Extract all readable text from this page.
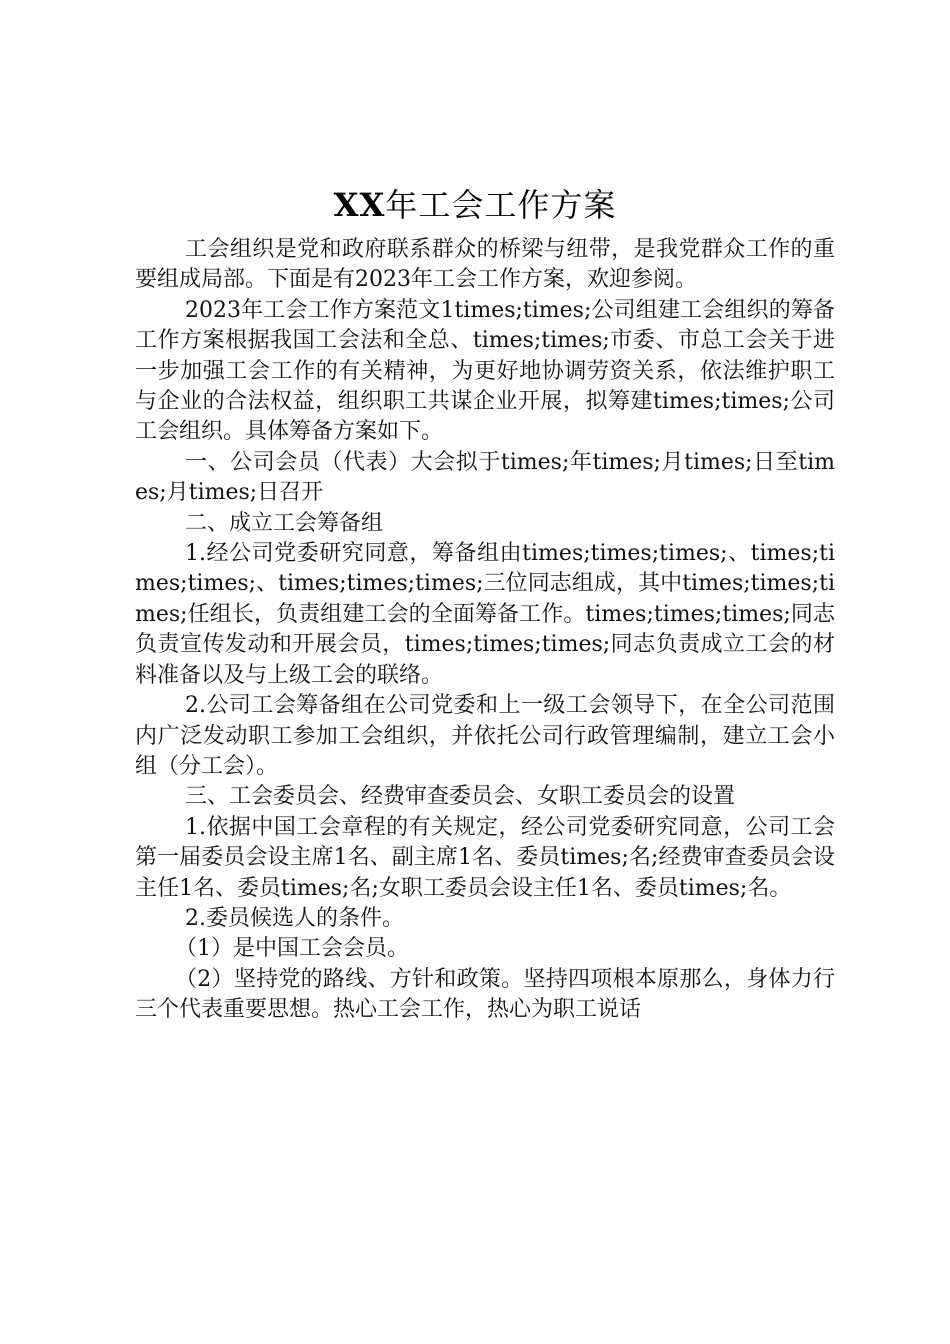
XX年工会工作方案

工会组织是党和政府联系群众的桥梁与纽带，是我党群众工作的重要组成局部。下面是有2023年工会工作方案，欢迎参阅。

2023年工会工作方案范文1times;times;公司组建工会组织的筹备工作方案根据我国工会法和全总、times;times;市委、市总工会关于进一步加强工会工作的有关精神，为更好地协调劳资关系，依法维护职工与企业的合法权益，组织职工共谋企业开展，拟筹建times;times;公司工会组织。具体筹备方案如下。

一、公司会员（代表）大会拟于times;年times;月times;日至times;月times;日召开

二、成立工会筹备组

1.经公司党委研究同意，筹备组由times;times;times;、times;times;times;、times;times;times;三位同志组成，其中times;times;times;任组长，负责组建工会的全面筹备工作。times;times;times;同志负责宣传发动和开展会员，times;times;times;同志负责成立工会的材料准备以及与上级工会的联络。

2.公司工会筹备组在公司党委和上一级工会领导下，在全公司范围内广泛发动职工参加工会组织，并依托公司行政管理编制，建立工会小组（分工会）。

三、工会委员会、经费审查委员会、女职工委员会的设置

1.依据中国工会章程的有关规定，经公司党委研究同意，公司工会第一届委员会设主席1名、副主席1名、委员times;名;经费审查委员会设主任1名、委员times;名;女职工委员会设主任1名、委员times;名。

2.委员候选人的条件。

（1）是中国工会会员。

（2）坚持党的路线、方针和政策。坚持四项根本原那么，身体力行三个代表重要思想。热心工会工作，热心为职工说话
